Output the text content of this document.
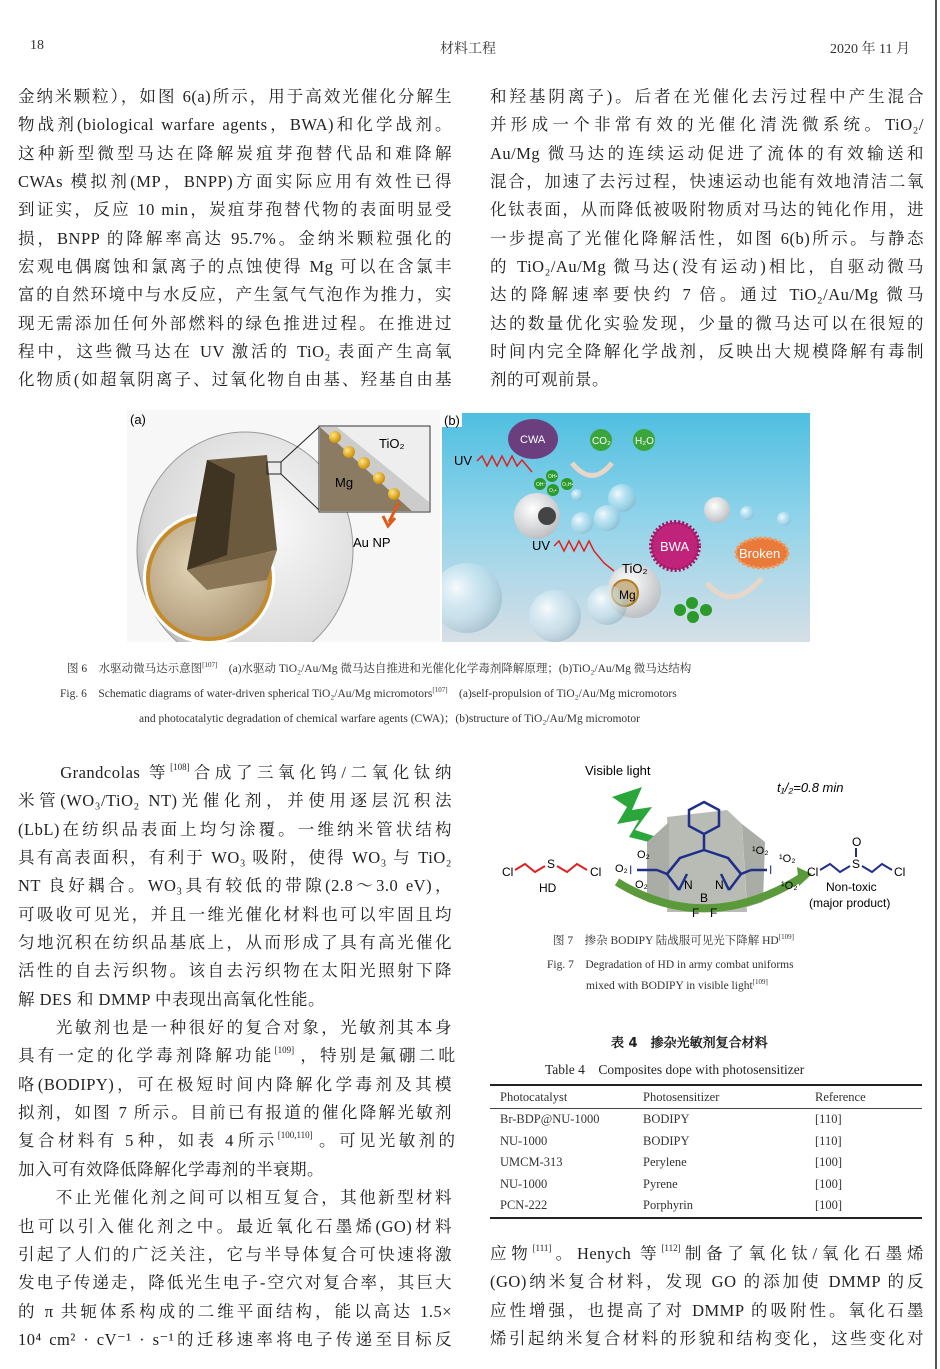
18	材料工程	2020 年 11 月
金纳米颗粒），如图 6(a)所示，用于高效光催化分解生
物战剂(biological warfare agents，BWA)和化学战剂。
这种新型微型马达在降解炭疽芽孢替代品和难降解
CWAs 模拟剂(MP，BNPP)方面实际应用有效性已得
到证实，反应 10 min，炭疽芽孢替代物的表面明显受
损，BNPP 的降解率高达 95.7%。金纳米颗粒强化的
宏观电偶腐蚀和氯离子的点蚀使得 Mg 可以在含氯丰
富的自然环境中与水反应，产生氢气气泡作为推力，实
现无需添加任何外部燃料的绿色推进过程。在推进过
程中，这些微马达在 UV 激活的 TiO₂ 表面产生高氧
化物质(如超氧阴离子、过氧化物自由基、羟基自由基
和羟基阴离子)。后者在光催化去污过程中产生混合
并形成一个非常有效的光催化清洗微系统。TiO₂/
Au/Mg 微马达的连续运动促进了流体的有效输送和
混合，加速了去污过程，快速运动也能有效地清洁二氧
化钛表面，从而降低被吸附物质对马达的钝化作用，进
一步提高了光催化降解活性，如图 6(b)所示。与静态
的 TiO₂/Au/Mg 微马达(没有运动)相比，自驱动微马
达的降解速率要快约 7 倍。通过 TiO₂/Au/Mg 微马
达的数量优化实验发现，少量的微马达可以在很短的
时间内完全降解化学战剂，反映出大规模降解有毒制
剂的可观前景。
　　Grandcolas 等[108]合成了三氧化钨/二氧化钛纳
米管(WO₃/TiO₂ NT)光催化剂，并使用逐层沉积法
(LbL)在纺织品表面上均匀涂覆。一维纳米管状结构
具有高表面积，有利于 WO₃ 吸附，使得 WO₃ 与 TiO₂
NT 良好耦合。WO₃具有较低的带隙(2.8～3.0 eV)，
可吸收可见光，并且一维光催化材料也可以牢固且均
匀地沉积在纺织品基底上，从而形成了具有高光催化
活性的自去污织物。该自去污织物在太阳光照射下降
解 DES 和 DMMP 中表现出高氧化性能。
　　光敏剂也是一种很好的复合对象，光敏剂其本身
具有一定的化学毒剂降解功能[109]，特别是氟硼二吡
咯(BODIPY)，可在极短时间内降解化学毒剂及其模
拟剂，如图 7 所示。目前已有报道的催化降解光敏剂
复合材料有 5 种，如表 4 所示[100,110]。可见光敏剂的
加入可有效降低降解化学毒剂的半衰期。
　　不止光催化剂之间可以相互复合，其他新型材料
也可以引入催化剂之中。最近氧化石墨烯(GO)材料
引起了人们的广泛关注，它与半导体复合可快速将激
发电子传递走，降低光生电子-空穴对复合率，其巨大
的 π 共轭体系构成的二维平面结构，能以高达 1.5×
10⁴ cm² · cV⁻¹ · s⁻¹的迁移速率将电子传递至目标反
应物[111]。Henych 等[112]制备了氧化钛/氧化石墨烯
(GO)纳米复合材料，发现 GO 的添加使 DMMP 的反
应性增强，也提高了对 DMMP 的吸附性。氧化石墨
烯引起纳米复合材料的形貌和结构变化，这些变化对
(a)
TiO₂
Mg
Au NP
(b)
CWA	CO₂ H₂O
UV
OH⁻
OH•
O₂•
O₂H•
UV
TiO₂
Mg
BWA	Broken
图 6　水驱动微马达示意图[107]　(a)水驱动 TiO₂/Au/Mg 微马达自推进和光催化化学毒剂降解原理；(b)TiO₂/Au/Mg 微马达结构
Fig. 6　Schematic diagrams of water-driven spherical TiO₂/Au/Mg micromotors[107]　(a)self-propulsion of TiO₂/Au/Mg micromotors
and photocatalytic degradation of chemical warfare agents (CWA)；(b)structure of TiO₂/Au/Mg micromotor
Visible light
t₁/₂=0.8 min
I	I
N N
B
F F
O₂
O₂
O₂
¹O₂
¹O₂
¹O₂
Cl
S
Cl
HD
Cl
S
O
Cl
Non-toxic
(major product)
图 7　掺杂 BODIPY 陆战服可见光下降解 HD[109]
Fig. 7　Degradation of HD in army combat uniforms
mixed with BODIPY in visible light[109]
表 4　掺杂光敏剂复合材料
Table 4　Composites dope with photosensitizer
Photocatalyst	Photosensitizer	Reference
Br-BDP@NU-1000	BODIPY	[110]
NU-1000	BODIPY	[110]
UMCM-313	Perylene	[100]
NU-1000	Pyrene	[100]
PCN-222	Porphyrin	[100]
